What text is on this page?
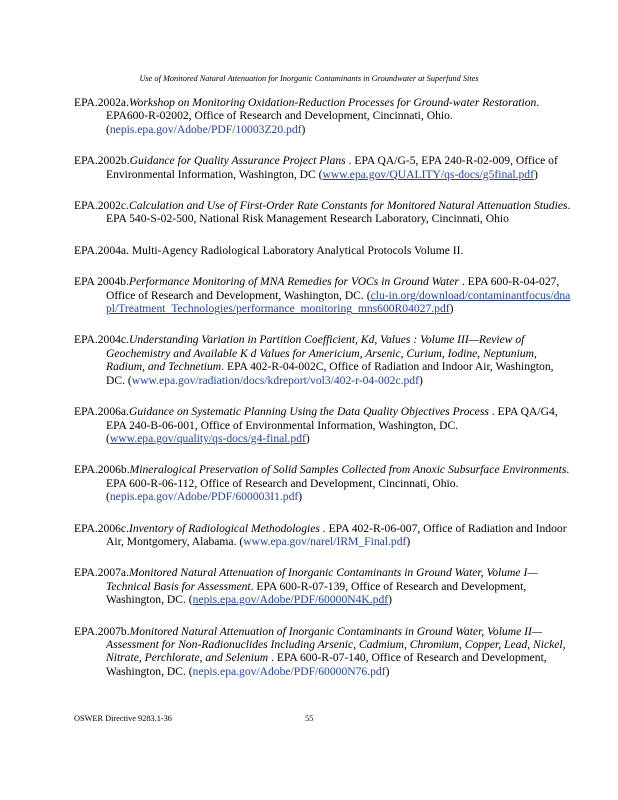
Use of Monitored Natural Attenuation for Inorganic Contaminants in Groundwater at Superfund Sites

EPA.2002a.Workshop on Monitoring Oxidation-Reduction Processes for Ground-water Restoration. EPA600-R-02002, Office of Research and Development, Cincinnati, Ohio. (nepis.epa.gov/Adobe/PDF/10003Z20.pdf)

EPA.2002b.Guidance for Quality Assurance Project Plans . EPA QA/G-5, EPA 240-R-02-009, Office of Environmental Information, Washington, DC (www.epa.gov/QUALITY/qs-docs/g5final.pdf)

EPA.2002c.Calculation and Use of First-Order Rate Constants for Monitored Natural Attenuation Studies. EPA 540-S-02-500, National Risk Management Research Laboratory, Cincinnati, Ohio

EPA.2004a. Multi-Agency Radiological Laboratory Analytical Protocols Volume II.

EPA 2004b.Performance Monitoring of MNA Remedies for VOCs in Ground Water . EPA 600-R-04-027, Office of Research and Development, Washington, DC. (clu-in.org/download/contaminantfocus/dnapl/Treatment_Technologies/performance_monitoring_mns600R04027.pdf)

EPA.2004c.Understanding Variation in Partition Coefficient, Kd, Values : Volume III—Review of Geochemistry and Available K d Values for Americium, Arsenic, Curium, Iodine, Neptunium, Radium, and Technetium. EPA 402-R-04-002C, Office of Radiation and Indoor Air, Washington, DC. (www.epa.gov/radiation/docs/kdreport/vol3/402-r-04-002c.pdf)

EPA.2006a.Guidance on Systematic Planning Using the Data Quality Objectives Process . EPA QA/G4, EPA 240-B-06-001, Office of Environmental Information, Washington, DC. (www.epa.gov/quality/qs-docs/g4-final.pdf)

EPA.2006b.Mineralogical Preservation of Solid Samples Collected from Anoxic Subsurface Environments. EPA 600-R-06-112, Office of Research and Development, Cincinnati, Ohio. (nepis.epa.gov/Adobe/PDF/600003I1.pdf)

EPA.2006c.Inventory of Radiological Methodologies . EPA 402-R-06-007, Office of Radiation and Indoor Air, Montgomery, Alabama. (www.epa.gov/narel/IRM_Final.pdf)

EPA.2007a.Monitored Natural Attenuation of Inorganic Contaminants in Ground Water, Volume I—Technical Basis for Assessment. EPA 600-R-07-139, Office of Research and Development, Washington, DC. (nepis.epa.gov/Adobe/PDF/60000N4K.pdf)

EPA.2007b.Monitored Natural Attenuation of Inorganic Contaminants in Ground Water, Volume II—Assessment for Non-Radionuclides Including Arsenic, Cadmium, Chromium, Copper, Lead, Nickel, Nitrate, Perchlorate, and Selenium . EPA 600-R-07-140, Office of Research and Development, Washington, DC. (nepis.epa.gov/Adobe/PDF/60000N76.pdf)

OSWER Directive 9283.1-36	55
